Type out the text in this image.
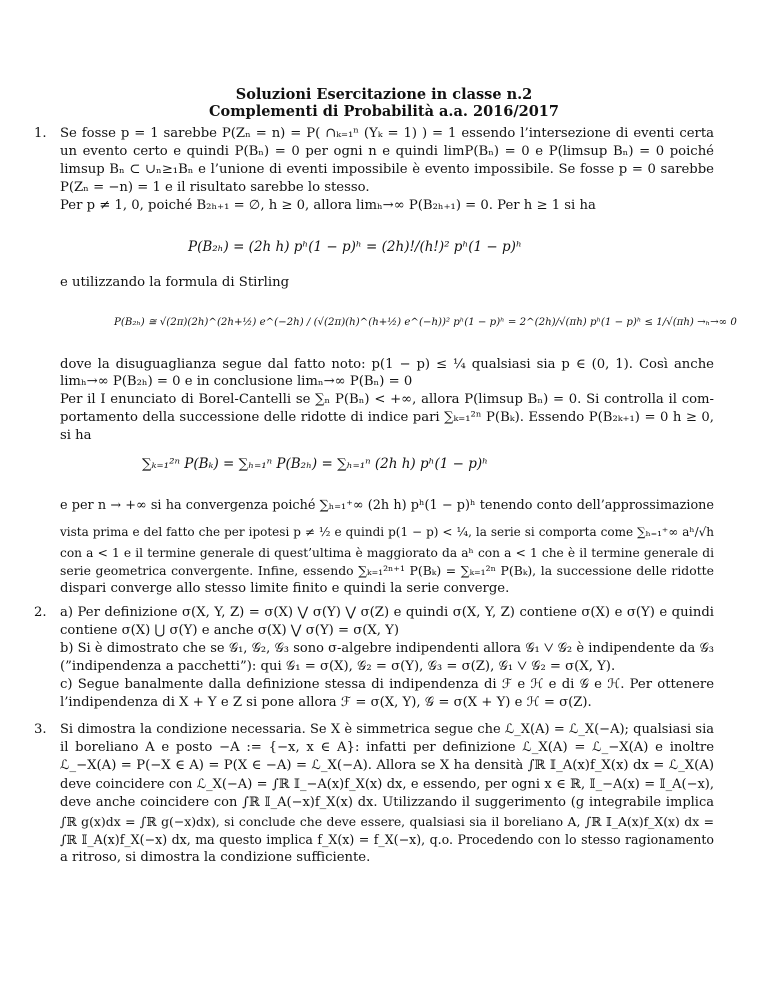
Soluzioni Esercitazione in classe n.2
Complementi di Probabilità a.a. 2016/2017
1. Se fosse p = 1 sarebbe P(Zₙ = n) = P( ∩ₖ₌₁ⁿ (Yₖ = 1) ) = 1 essendo l’intersezione di eventi certa
un evento certo e quindi P(Bₙ) = 0 per ogni n e quindi limP(Bₙ) = 0 e P(limsup Bₙ) = 0 poiché
limsup Bₙ ⊂ ∪ₙ≥₁Bₙ e l’unione di eventi impossibile è evento impossibile. Se fosse p = 0 sarebbe
P(Zₙ = −n) = 1 e il risultato sarebbe lo stesso.
Per p ≠ 1, 0, poiché B₂ₕ₊₁ = ∅, h ≥ 0, allora limₕ→∞ P(B₂ₕ₊₁) = 0. Per h ≥ 1 si ha
P(B₂ₕ) = (2h h) pʰ(1 − p)ʰ = (2h)!/(h!)² pʰ(1 − p)ʰ
e utilizzando la formula di Stirling
P(B₂ₕ) ≅ √(2π)(2h)^(2h+½) e^(−2h) / (√(2π)(h)^(h+½) e^(−h))² pʰ(1 − p)ʰ = 2^(2h)/√(πh) pʰ(1 − p)ʰ ≤ 1/√(πh) →ₕ→∞ 0
dove la disuguaglianza segue dal fatto noto: p(1 − p) ≤ ¼ qualsiasi sia p ∈ (0, 1). Così anche
limₕ→∞ P(B₂ₕ) = 0 e in conclusione limₙ→∞ P(Bₙ) = 0
Per il I enunciato di Borel-Cantelli se ∑ₙ P(Bₙ) < +∞, allora P(limsup Bₙ) = 0. Si controlla il com-
portamento della successione delle ridotte di indice pari ∑ₖ₌₁²ⁿ P(Bₖ). Essendo P(B₂ₖ₊₁) = 0 h ≥ 0,
si ha
∑ₖ₌₁²ⁿ P(Bₖ) = ∑ₕ₌₁ⁿ P(B₂ₕ) = ∑ₕ₌₁ⁿ (2h h) pʰ(1 − p)ʰ
e per n → +∞ si ha convergenza poiché ∑ₕ₌₁⁺∞ (2h h) pʰ(1 − p)ʰ tenendo conto dell’approssimazione
vista prima e del fatto che per ipotesi p ≠ ½ e quindi p(1 − p) < ¼, la serie si comporta come ∑ₕ₌₁⁺∞ aʰ/√h
con a < 1 e il termine generale di quest’ultima è maggiorato da aʰ con a < 1 che è il termine generale di
serie geometrica convergente. Infine, essendo ∑ₖ₌₁²ⁿ⁺¹ P(Bₖ) = ∑ₖ₌₁²ⁿ P(Bₖ), la successione delle ridotte
dispari converge allo stesso limite finito e quindi la serie converge.
2. a) Per definizione σ(X, Y, Z) = σ(X) ⋁ σ(Y) ⋁ σ(Z) e quindi σ(X, Y, Z) contiene σ(X) e σ(Y) e quindi
contiene σ(X) ⋃ σ(Y) e anche σ(X) ⋁ σ(Y) = σ(X, Y)
b) Si è dimostrato che se 𝒢₁, 𝒢₂, 𝒢₃ sono σ-algebre indipendenti allora 𝒢₁ ⋁ 𝒢₂ è indipendente da 𝒢₃
(”indipendenza a pacchetti”): qui 𝒢₁ = σ(X), 𝒢₂ = σ(Y), 𝒢₃ = σ(Z), 𝒢₁ ⋁ 𝒢₂ = σ(X, Y).
c) Segue banalmente dalla definizione stessa di indipendenza di ℱ e ℋ e di 𝒢 e ℋ. Per ottenere
l’indipendenza di X + Y e Z si pone allora ℱ = σ(X, Y), 𝒢 = σ(X + Y) e ℋ = σ(Z).
3. Si dimostra la condizione necessaria. Se X è simmetrica segue che ℒ_X(A) = ℒ_X(−A); qualsiasi sia
il boreliano A e posto −A := {−x, x ∈ A}: infatti per definizione ℒ_X(A) = ℒ_−X(A) e inoltre
ℒ_−X(A) = P(−X ∈ A) = P(X ∈ −A) = ℒ_X(−A). Allora se X ha densità ∫ℝ 𝕀_A(x)f_X(x) dx = ℒ_X(A)
deve coincidere con ℒ_X(−A) = ∫ℝ 𝕀_−A(x)f_X(x) dx, e essendo, per ogni x ∈ ℝ, 𝕀_−A(x) = 𝕀_A(−x),
deve anche coincidere con ∫ℝ 𝕀_A(−x)f_X(x) dx. Utilizzando il suggerimento (g integrabile implica
∫ℝ g(x)dx = ∫ℝ g(−x)dx), si conclude che deve essere, qualsiasi sia il boreliano A, ∫ℝ 𝕀_A(x)f_X(x) dx =
∫ℝ 𝕀_A(x)f_X(−x) dx, ma questo implica f_X(x) = f_X(−x), q.o. Procedendo con lo stesso ragionamento
a ritroso, si dimostra la condizione sufficiente.
